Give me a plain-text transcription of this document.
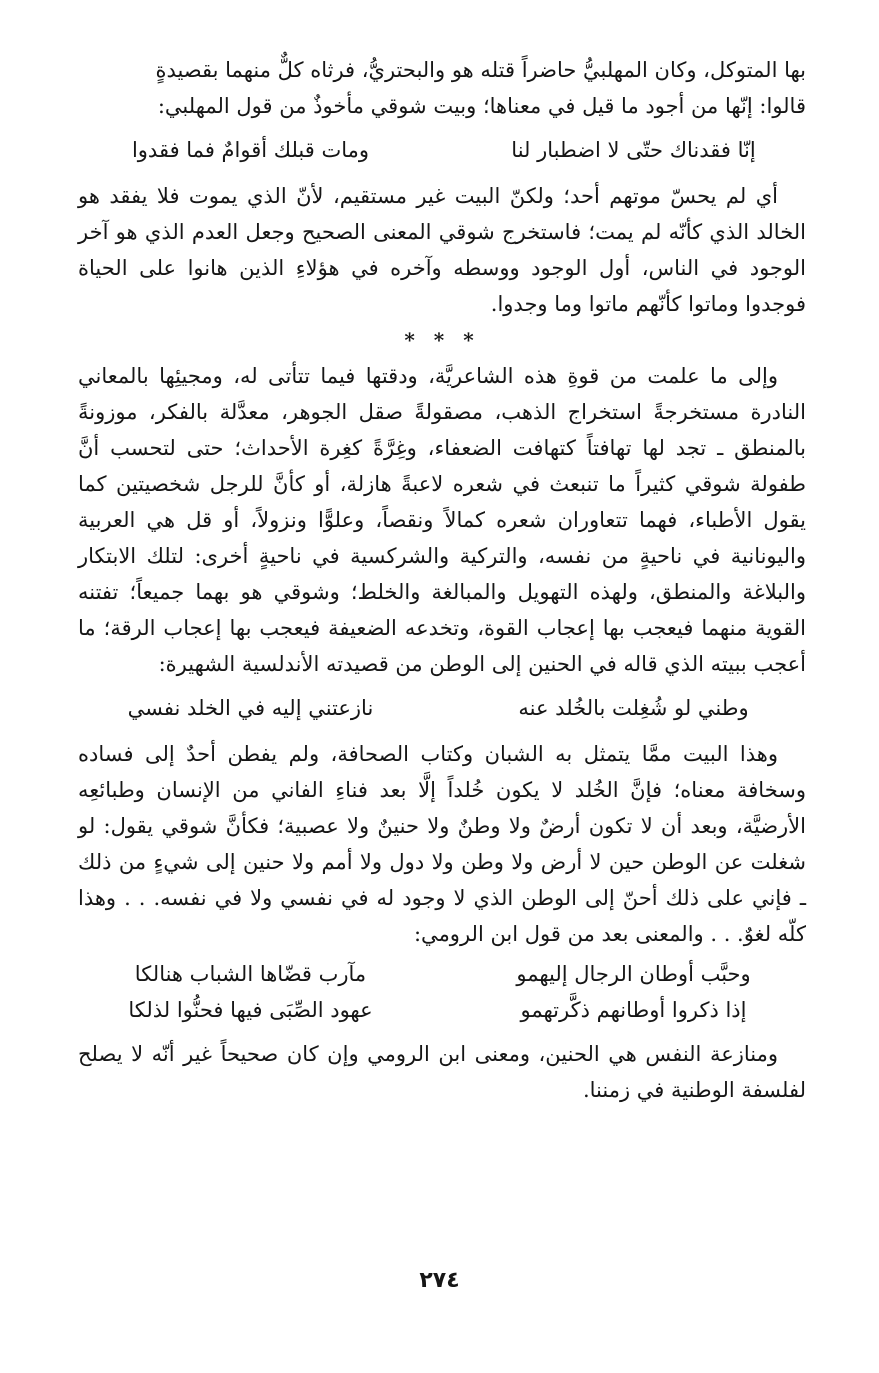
بها المتوكل، وكان المهلبيُّ حاضراً قتله هو والبحتريُّ، فرثاه كلٌّ منهما بقصيدةٍ

قالوا: إنّها من أجود ما قيل في معناها؛ وبيت شوقي مأخوذٌ من قول المهلبي:

إنّا فقدناك حتّى لا اضطبار لنا
ومات قبلك أقوامٌ فما فقدوا

أي لم يحسّ موتهم أحد؛ ولكنّ البيت غير مستقيم، لأنّ الذي يموت فلا يفقد هو الخالد الذي كأنّه لم يمت؛ فاستخرج شوقي المعنى الصحيح وجعل العدم الذي هو آخر الوجود في الناس، أول الوجود ووسطه وآخره في هؤلاءِ الذين هانوا على الحياة فوجدوا وماتوا كأنّهم ماتوا وما وجدوا.

* * *

وإلى ما علمت من قوةِ هذه الشاعريَّة، ودقتها فيما تتأتى له، ومجيئِها بالمعاني النادرة مستخرجةً استخراج الذهب، مصقولةً صقل الجوهر، معدَّلة بالفكر، موزونةً بالمنطق ـ تجد لها تهافتاً كتهافت الضعفاء، وغِرَّةً كغِرة الأحداث؛ حتى لتحسب أنَّ طفولة شوقي كثيراً ما تنبعث في شعره لاعبةً هازلة، أو كأنَّ للرجل شخصيتين كما يقول الأطباء، فهما تتعاوران شعره كمالاً ونقصاً، وعلوًّا ونزولاً، أو قل هي العربية واليونانية في ناحيةٍ من نفسه، والتركية والشركسية في ناحيةٍ أخرى: لتلك الابتكار والبلاغة والمنطق، ولهذه التهويل والمبالغة والخلط؛ وشوقي هو بهما جميعاً؛ تفتنه القوية منهما فيعجب بها إعجاب القوة، وتخدعه الضعيفة فيعجب بها إعجاب الرقة؛ ما أعجب ببيته الذي قاله في الحنين إلى الوطن من قصيدته الأندلسية الشهيرة:

وطني لو شُغِلت بالخُلد عنه
نازعتني إليه في الخلد نفسي

وهذا البيت ممَّا يتمثل به الشبان وكتاب الصحافة، ولم يفطن أحدٌ إلى فساده وسخافة معناه؛ فإنَّ الخُلد لا يكون خُلداً إلَّا بعد فناءِ الفاني من الإنسان وطبائعِه الأرضيَّة، وبعد أن لا تكون أرضٌ ولا وطنٌ ولا حنينٌ ولا عصبية؛ فكأنَّ شوقي يقول: لو شغلت عن الوطن حين لا أرض ولا وطن ولا دول ولا أمم ولا حنين إلى شيءٍ من ذلك ـ فإني على ذلك أحنّ إلى الوطن الذي لا وجود له في نفسي ولا في نفسه. . . وهذا كلّه لغوٌ. . . والمعنى بعد من قول ابن الرومي:

وحبَّب أوطان الرجال إليهمو
مآرب قضّاها الشباب هنالكا
إذا ذكروا أوطانهم ذكَّرتهمو
عهود الصِّبَى فيها فحنُّوا لذلكا

ومنازعة النفس هي الحنين، ومعنى ابن الرومي وإن كان صحيحاً غير أنّه لا يصلح لفلسفة الوطنية في زمننا.

٢٧٤
